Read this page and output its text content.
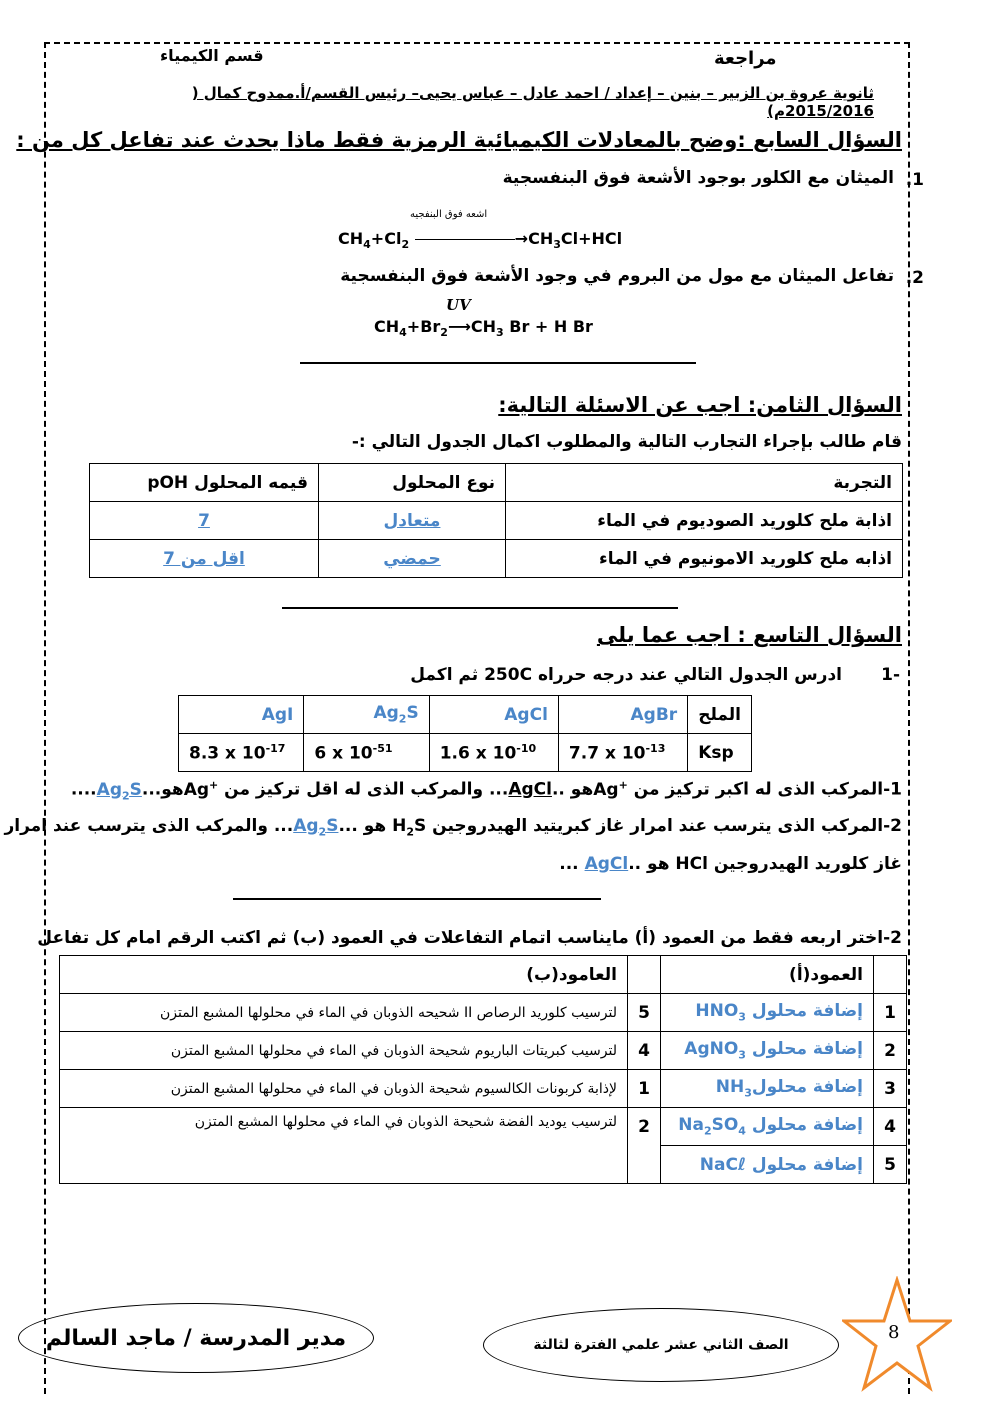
قسم الكيمياء	مراجعة
ثانوية عروة بن الزبير – بنين – إعداد / احمد عادل – عباس يحيى– رئيس القسم/أ.ممدوح كمال ( 2015/2016م)
السؤال السابع :وضح بالمعادلات الكيميائية الرمزية فقط ماذا يحدث عند تفاعل كل من :
.1
الميثان مع الكلور بوجود الأشعة فوق البنفسجية
اشعه فوق البنفجيه
$CH_4+Cl_2$	$\to CH_3Cl+HCl$
.2
تفاعل الميثان مع مول من البروم في وجود الأشعة فوق البنفسجية
UV
$CH_4+Br_2⟶CH_3$ Br + H Br
السؤال الثامن: اجب عن الاسئلة التالية:
قام طالب بإجراء التجارب التالية والمطلوب اكمال الجدول التالي :-
التجربة	نوع المحلول	قيمه المحلول pOH
اذابة ملح كلوريد الصوديوم في الماء	متعادل	7
اذابه ملح كلوريد الامونيوم في الماء	حمضي	اقل من 7
السؤال التاسع : اجب عما يلى
-1
ادرس الجدول التالي عند درجه حرراه 250C ثم اكمل
الملح	AgBr	AgCl	$Ag_2S$	AgI

Ksp	7.7 x $10^{-13}$	1.6 x $10^{-10}$	6 x $10^{-51}$	8.3 x $10^{-17}$
1-المركب الذى له اكبر تركيز من Ag+هو ..AgCl... والمركب الذى له اقل تركيز من $Ag^+هو...Ag_2S$....
2-المركب الذى يترسب عند امرار غاز كبريتيد الهيدروجين $H_2S$ هو $...Ag_2S$... والمركب الذى يترسب عند امرار
غاز كلوريد الهيدروجين HCl هو ..AgCl ...
2-اختر اربعه فقط من العمود (أ) مايناسب اتمام التفاعلات في العمود (ب) ثم اكتب الرقم امام كل تفاعل
	العمود(أ)		العامود(ب)
1	$HNO_3$ إضافة محلول	5	لترسيب كلوريد الرصاص II شحيحه الذوبان في الماء في محلولها المشبع المتزن
2	AgNO$_3$ إضافة محلول	4	لترسيب كبريتات الباريوم شحيحة الذوبان في الماء في محلولها المشبع المتزن
3	$NH_3إضافة$ محلول	1	لإذابة كربونات الكالسيوم شحيحة الذوبان في الماء في محلولها المشبع المتزن
4	$Na_2SO_4$ إضافة محلول	2	لترسيب يوديد الفضة شحيحة الذوبان في الماء في محلولها المشبع المتزن
5	إضافة محلول NaCℓ		
مدير المدرسة / ماجد السالم	الصف الثاني عشر علمي الفترة لثالثة
8
